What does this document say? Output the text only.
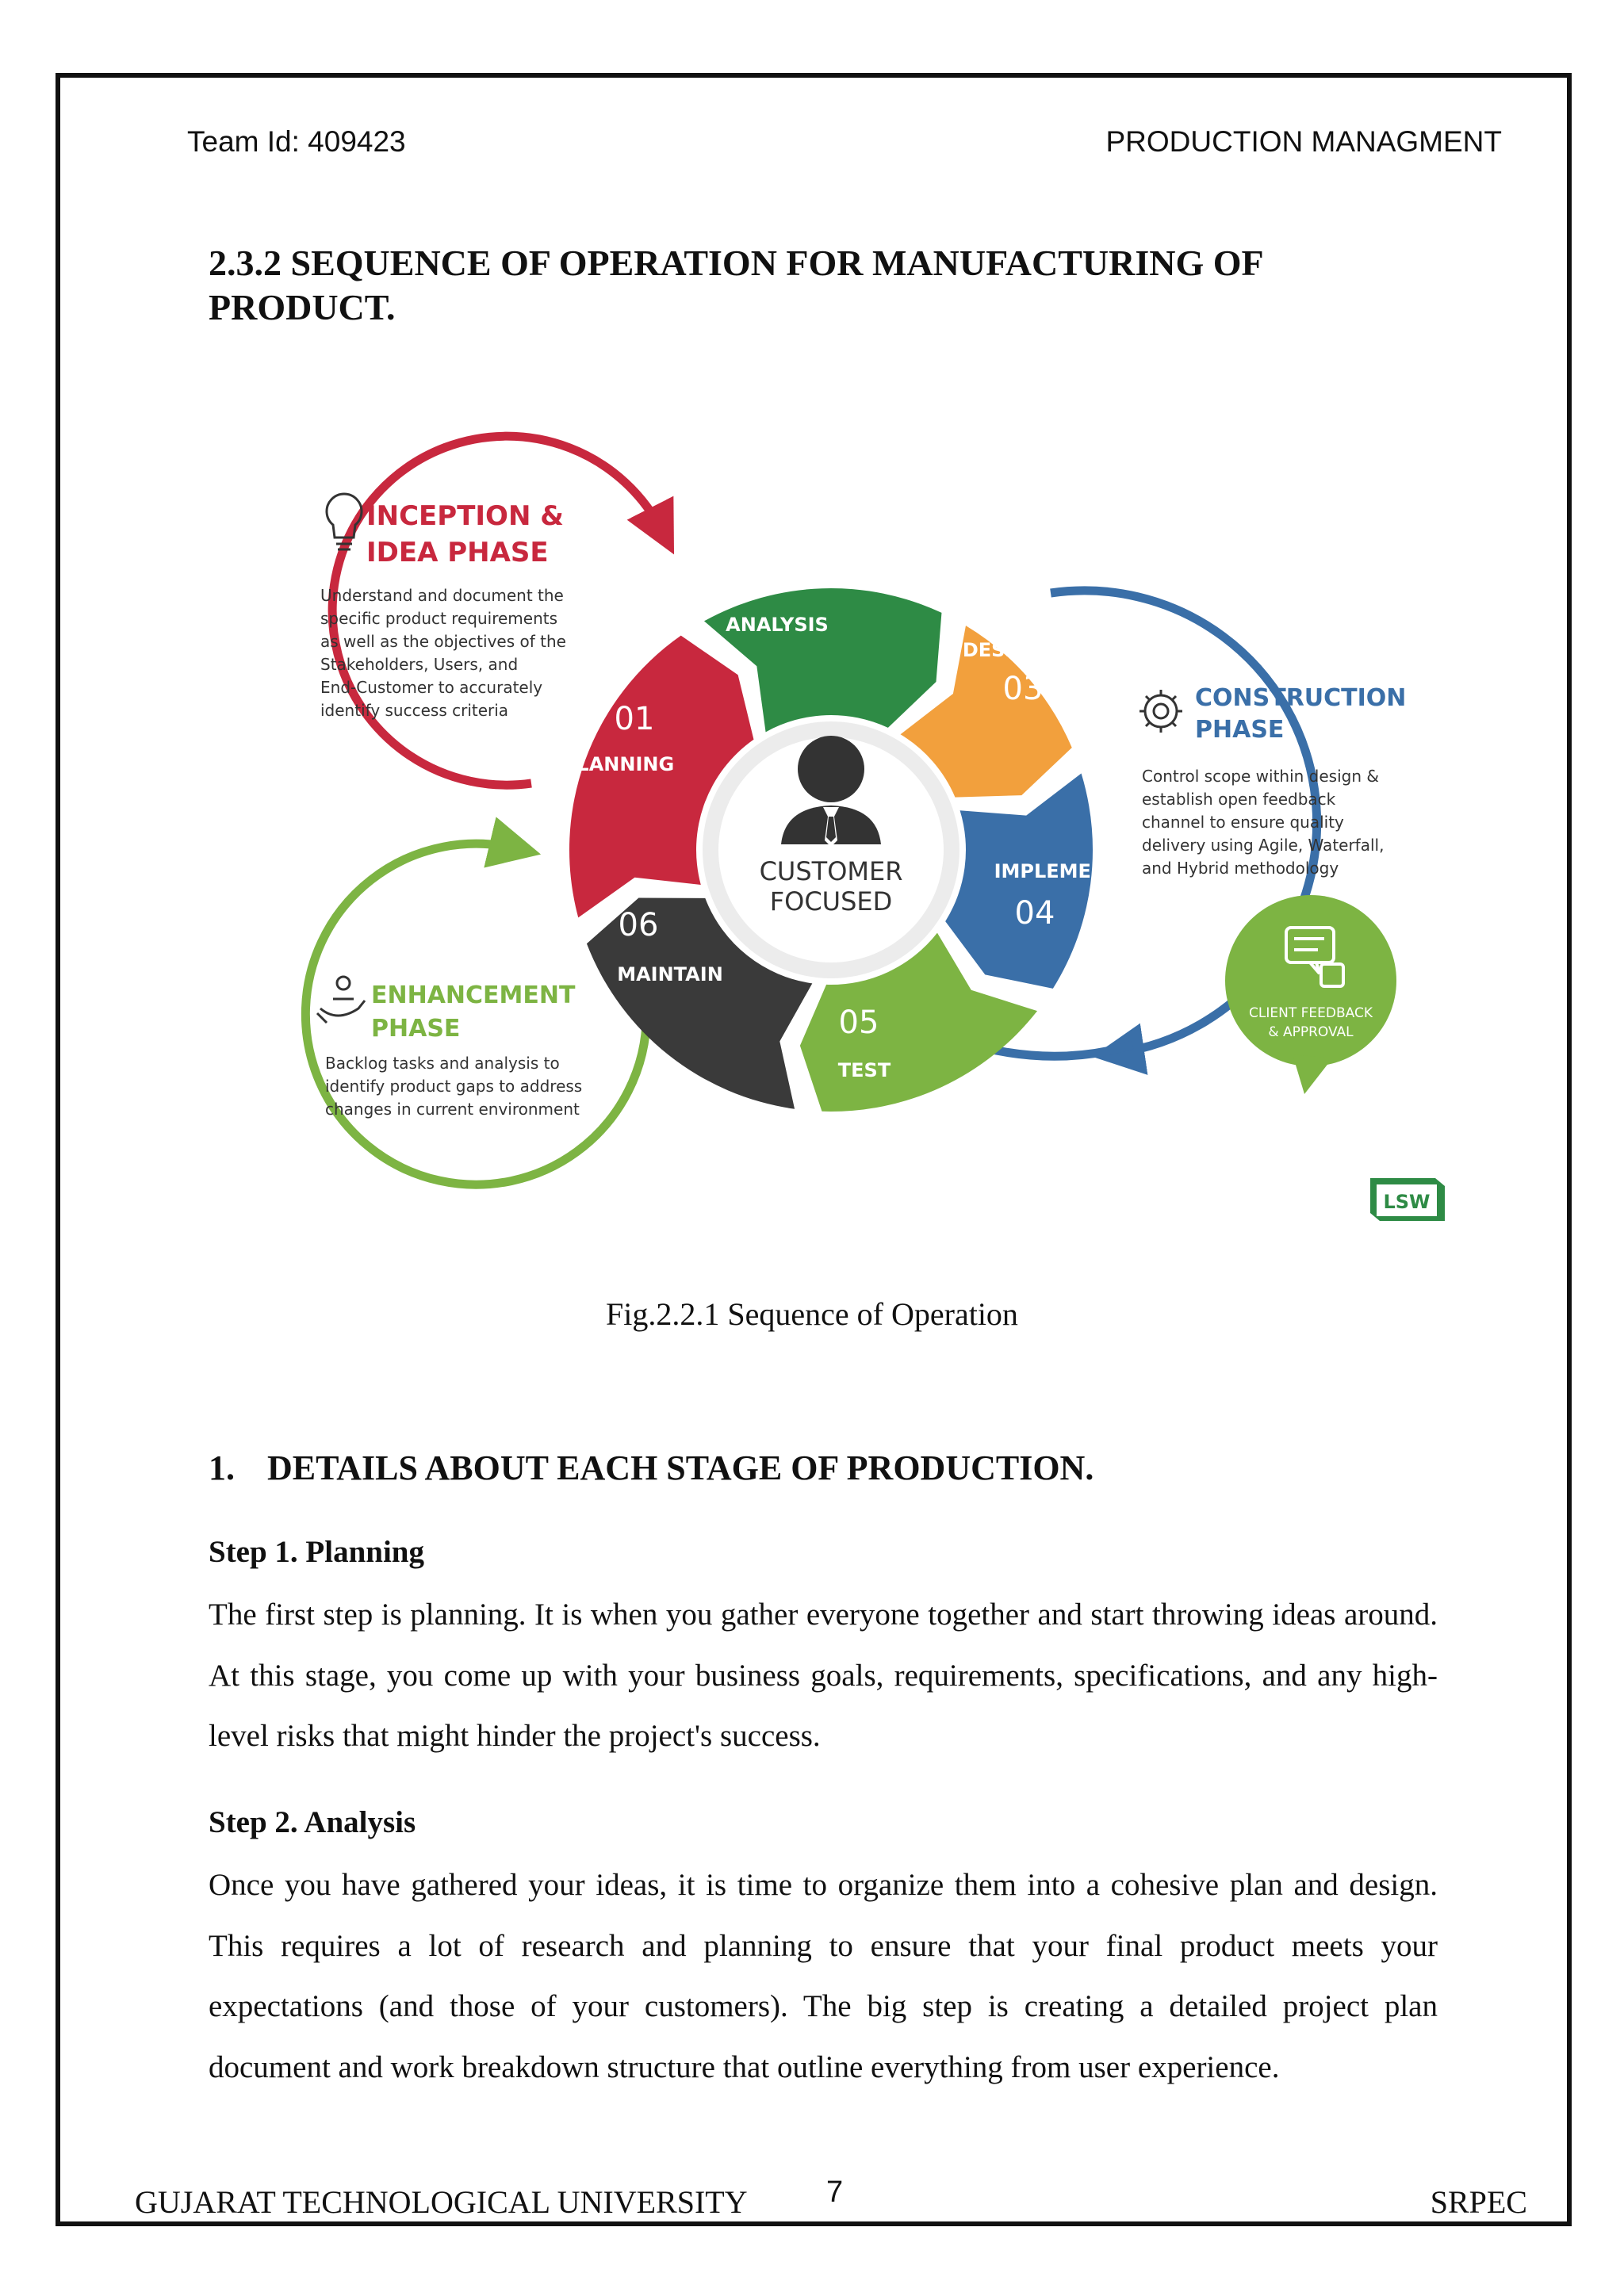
Team Id: 409423	PRODUCTION MANAGMENT
2.3.2 SEQUENCE OF OPERATION FOR MANUFACTURING OF PRODUCT.
CUSTOMER
FOCUSED
01
PLANNING
02
ANALYSIS
DESIGN
03
IMPLEMENT
04
05
TEST
06
MAINTAIN
INCEPTION &
IDEA PHASE
Understand and document the
specific product requirements
as well as the objectives of the
Stakeholders, Users, and
End-Customer to accurately
identify success criteria	CONSTRUCTION
PHASE
Control scope within design &
establish open feedback
channel to ensure quality
delivery using Agile, Waterfall,
and Hybrid methodology
CLIENT FEEDBACK
& APPROVAL
ENHANCEMENT
PHASE
Backlog tasks and analysis to
identify product gaps to address
changes in current environment
LSW
Fig.2.2.1 Sequence of Operation
1. DETAILS ABOUT EACH STAGE OF PRODUCTION.
Step 1. Planning

The first step is planning. It is when you gather everyone together and start throwing ideas around. At this stage, you come up with your business goals, requirements, specifications, and any high-level risks that might hinder the project's success.

Step 2. Analysis

Once you have gathered your ideas, it is time to organize them into a cohesive plan and design. This requires a lot of research and planning to ensure that your final product meets your expectations (and those of your customers). The big step is creating a detailed project plan document and work breakdown structure that outline everything from user experience.

GUJARAT TECHNOLOGICAL UNIVERSITY	7	SRPEC
